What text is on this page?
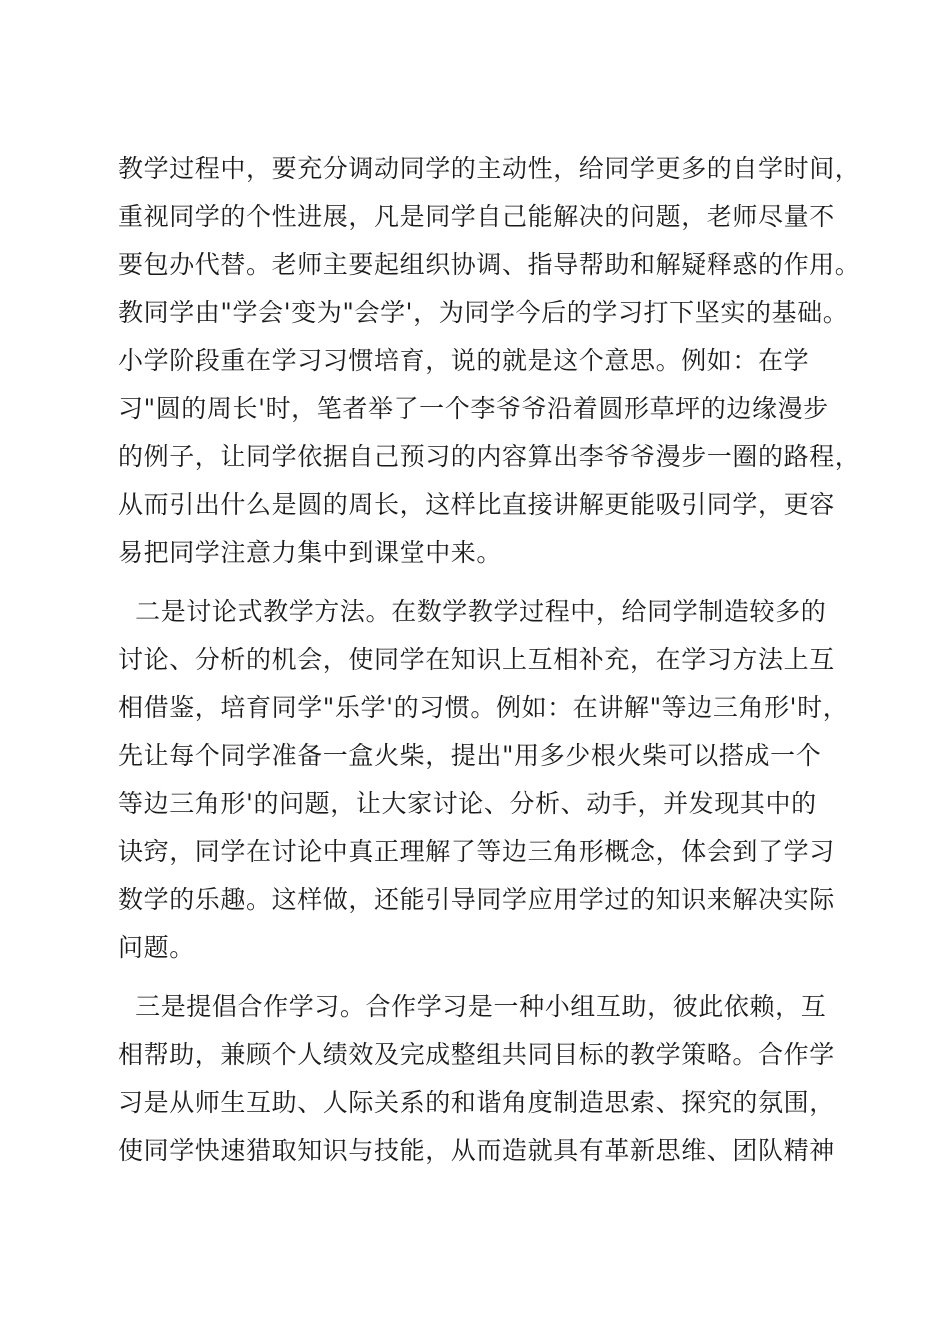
教学过程中，要充分调动同学的主动性，给同学更多的自学时间，
重视同学的个性进展，凡是同学自己能解决的问题，老师尽量不
要包办代替。老师主要起组织协调、指导帮助和解疑释惑的作用。
教同学由"学会'变为"会学'，为同学今后的学习打下坚实的基础。
小学阶段重在学习习惯培育，说的就是这个意思。例如：在学
习"圆的周长'时，笔者举了一个李爷爷沿着圆形草坪的边缘漫步
的例子，让同学依据自己预习的内容算出李爷爷漫步一圈的路程，
从而引出什么是圆的周长，这样比直接讲解更能吸引同学，更容
易把同学注意力集中到课堂中来。
二是讨论式教学方法。在数学教学过程中，给同学制造较多的
讨论、分析的机会，使同学在知识上互相补充，在学习方法上互
相借鉴，培育同学"乐学'的习惯。例如：在讲解"等边三角形'时，
先让每个同学准备一盒火柴，提出"用多少根火柴可以搭成一个
等边三角形'的问题，让大家讨论、分析、动手，并发现其中的
诀窍，同学在讨论中真正理解了等边三角形概念，体会到了学习
数学的乐趣。这样做，还能引导同学应用学过的知识来解决实际
问题。
三是提倡合作学习。合作学习是一种小组互助，彼此依赖，互
相帮助，兼顾个人绩效及完成整组共同目标的教学策略。合作学
习是从师生互助、人际关系的和谐角度制造思索、探究的氛围，
使同学快速猎取知识与技能，从而造就具有革新思维、团队精神
